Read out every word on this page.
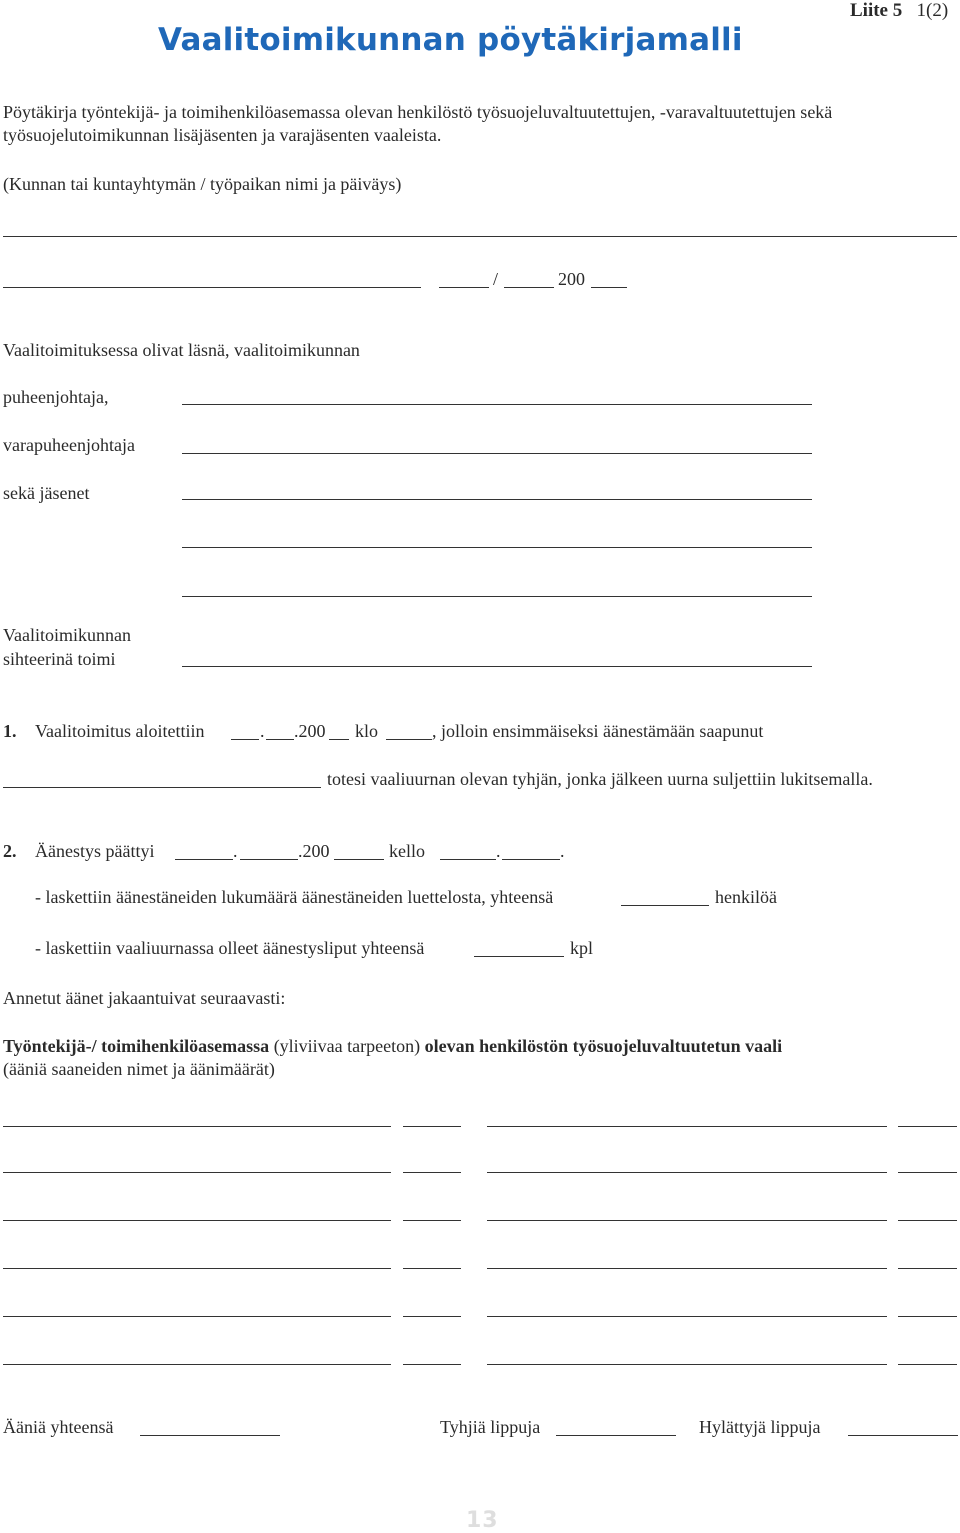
Vaalitoimikunnan pöytäkirjamalli
Liite 5 1(2)
Pöytäkirja työntekijä- ja toimihenkilöasemassa olevan henkilöstö työsuojeluvaltuutettujen, -varavaltuutettujen sekä
työsuojelutoimikunnan lisäjäsenten ja varajäsenten vaaleista.
(Kunnan tai kuntayhtymän / työpaikan nimi ja päiväys)
/	200
Vaalitoimituksessa olivat läsnä, vaalitoimikunnan
puheenjohtaja,
varapuheenjohtaja
sekä jäsenet
Vaalitoimikunnan
sihteerinä toimi
1. Vaalitoimitus aloitettiin	. .200 klo	, jolloin ensimmäiseksi äänestämään saapunut
totesi vaaliuurnan olevan tyhjän, jonka jälkeen uurna suljettiin lukitsemalla.
2. Äänestys päättyi	.	.200	kello	.	.
- laskettiin äänestäneiden lukumäärä äänestäneiden luettelosta, yhteensä	henkilöä
- laskettiin vaaliuurnassa olleet äänestysliput yhteensä	kpl
Annetut äänet jakaantuivat seuraavasti:
Työntekijä-/ toimihenkilöasemassa (yliviivaa tarpeeton) olevan henkilöstön työsuojeluvaltuutetun vaali
(ääniä saaneiden nimet ja äänimäärät)
Ääniä yhteensä	Tyhjiä lippuja	Hylättyjä lippuja
13
